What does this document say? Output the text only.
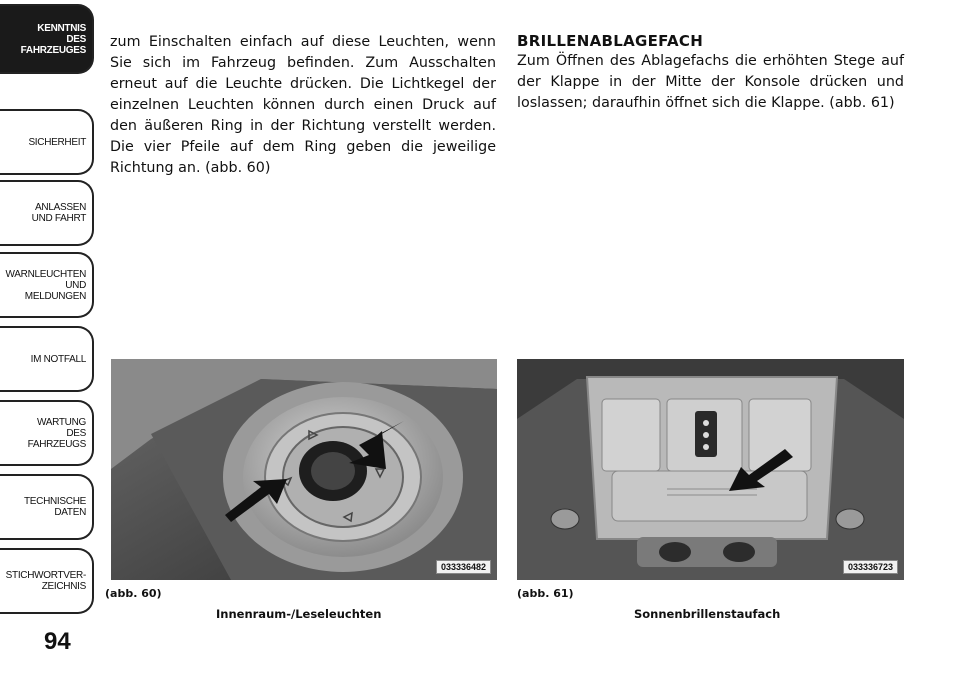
KENNTNIS
DES
FAHRZEUGES
SICHERHEIT
ANLASSEN
UND FAHRT
WARNLEUCHTEN
UND
MELDUNGEN
IM NOTFALL
WARTUNG
DES
FAHRZEUGS
TECHNISCHE
DATEN
STICHWORTVER-
ZEICHNIS
94

zum Einschalten einfach auf diese Leuchten, wenn Sie sich im Fahrzeug befinden. Zum Ausschalten erneut auf die Leuchte drücken. Die Lichtkegel der einzelnen Leuchten können durch einen Druck auf den äußeren Ring in der Richtung verstellt werden. Die vier Pfeile auf dem Ring geben die jeweilige Richtung an. (abb. 60)

BRILLENABLAGEFACH

Zum Öffnen des Ablagefachs die erhöhten Stege auf der Klappe in der Mitte der Konsole drücken und loslassen; daraufhin öffnet sich die Klappe. (abb. 61)

033336482
(abb. 60)
Innenraum-/Leseleuchten
033336723
(abb. 61)
Sonnenbrillenstaufach
